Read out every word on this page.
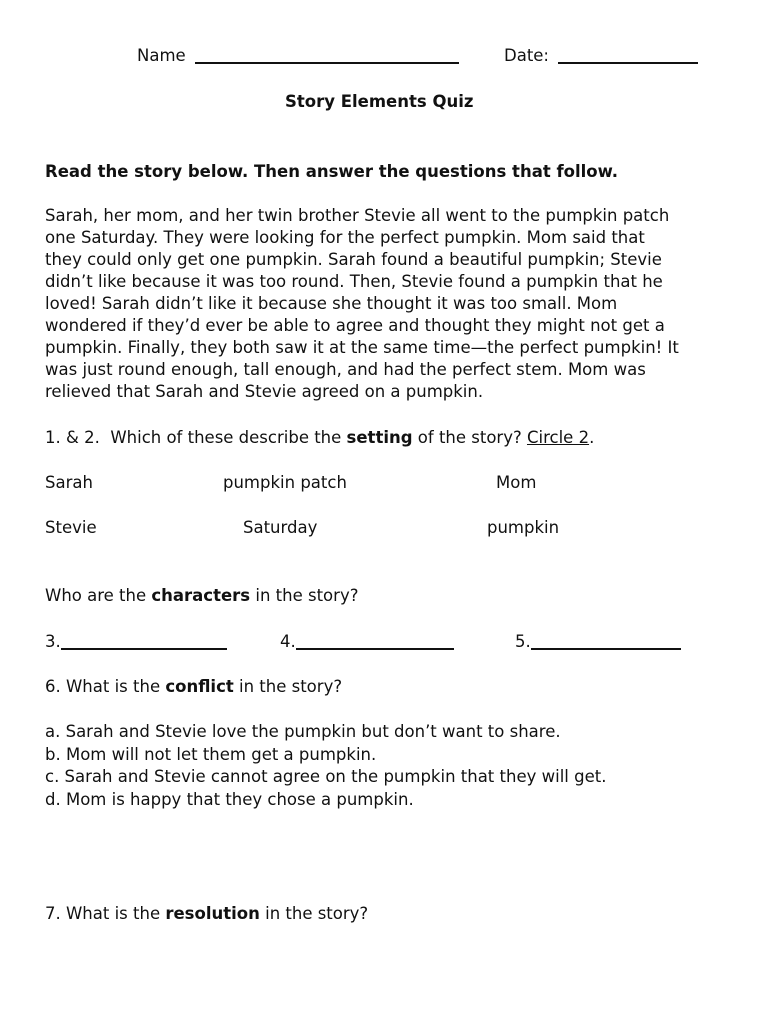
Name	Date:
Story Elements Quiz
Read the story below. Then answer the questions that follow.
Sarah, her mom, and her twin brother Stevie all went to the pumpkin patch
one Saturday. They were looking for the perfect pumpkin. Mom said that
they could only get one pumpkin. Sarah found a beautiful pumpkin; Stevie
didn’t like because it was too round. Then, Stevie found a pumpkin that he
loved! Sarah didn’t like it because she thought it was too small. Mom
wondered if they’d ever be able to agree and thought they might not get a
pumpkin. Finally, they both saw it at the same time—the perfect pumpkin! It
was just round enough, tall enough, and had the perfect stem. Mom was
relieved that Sarah and Stevie agreed on a pumpkin.
1. & 2.  Which of these describe the setting of the story? Circle 2.
Sarah	pumpkin patch	Mom
Stevie	Saturday	pumpkin
Who are the characters in the story?
3.	4.	5.
6. What is the conflict in the story?
a. Sarah and Stevie love the pumpkin but don’t want to share.
b. Mom will not let them get a pumpkin.
c. Sarah and Stevie cannot agree on the pumpkin that they will get.
d. Mom is happy that they chose a pumpkin.
7. What is the resolution in the story?
